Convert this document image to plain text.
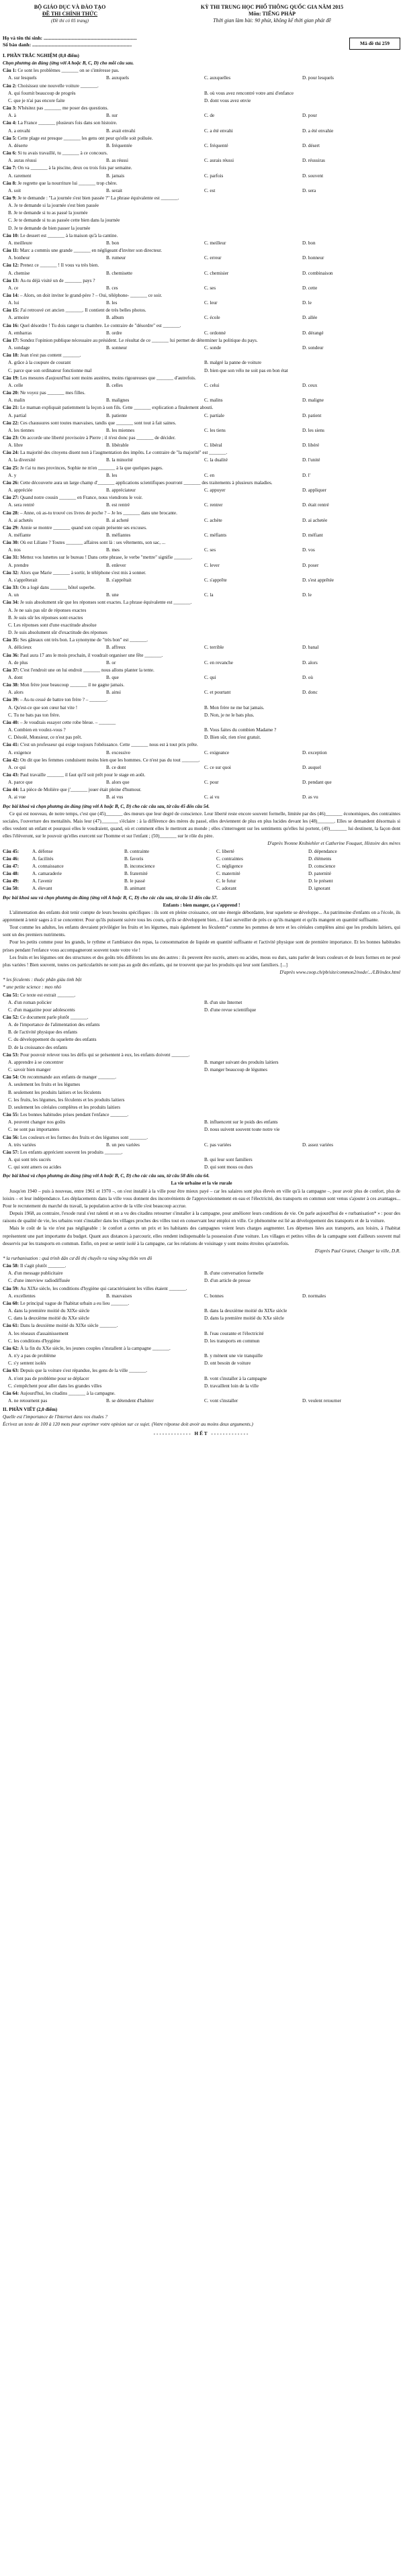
BỘ GIÁO DỤC VÀ ĐÀO TẠO
ĐỀ THI CHÍNH THỨC
(Đề thi có 05 trang)
KỲ THI TRUNG HỌC PHỔ THÔNG QUỐC GIA NĂM 2015
Môn: TIẾNG PHÁP
Thời gian làm bài: 90 phút, không kể thời gian phát đề
Họ và tên thí sinh: ..........................................................................
Số báo danh: ...............................................................................	Mã đề thi 259
I. PHẦN TRẮC NGHIỆM (8,0 điểm)
Chọn phương án đúng (ứng với A hoặc B, C, D) cho mỗi câu sau.
Câu 1: Ce sont les problèmes _______ on se s'intéresse pas.
A. sur lesquels	B. auxquels	C. auxquelles	D. pour lesquels
Câu 2: Choisissez une nouvelle voiture _______.
A. qui fournit beaucoup de progrès	B. où vous avez rencontré votre ami d'enfance
C. que je n'ai pas encore faite	D. dont vous avez envie
Câu 3: N'hésitez pas _______ me poser des questions.
A. à	B. sur	C. de	D. pour
Câu 4: La France _______ plusieurs fois dans son histoire.
A. a envahi	B. avait envahi	C. a été envahi	D. a été envahie
Câu 5: Cette plage est presque _______ les gens ont peur qu'elle soit polluée.
A. déserte	B. fréquentée	C. fréquenté	D. désert
Câu 6: Si tu avais travaillé, tu _______ à ce concours.
A. auras réussi	B. as réussi	C. aurais réussi	D. réussiras
Câu 7: On va _______ à la piscine, deux ou trois fois par semaine.
A. rarement	B. jamais	C. parfois	D. souvent
Câu 8: Je regrette que la nourriture lui _______ trop chère.
A. soit	B. serait	C. est	D. sera
Câu 9: Je te demande : "La journée s'est bien passée ?" La phrase équivalente est _______.
A. Je te demande si la journée s'est bien passée
B. Je te demande si tu as passé la journée
C. Je te demande si tu as passée cette bien dans la journée
D. Je te demande de bien passer la journée
Câu 10: Le dessert est _______ à la maison qu'à la cantine.
A. meilleure	B. bon	C. meilleur	D. bon
Câu 11: Marc a commis une grande _______ en négligeant d'inviter son directeur.
A. bonheur	B. rumeur	C. erreur	D. honneur
Câu 12: Prenez ce _______ ! Il vous va très bien.
A. chemise	B. chemisette	C. chemisier	D. combinaison
Câu 13: As-tu déjà visité un de _______ pays ?
A. ce	B. ces	C. ses	D. cette
Câu 14: – Alors, on doit inviter le grand-père ? – Oui, téléphone- _______ ce soir.
A. lui	B. les	C. leur	D. le
Câu 15: J'ai retrouvé cet ancien _______. Il contient de très belles photos.
A. armoire	B. album	C. école	D. allée
Câu 16: Quel désordre ! Tu dois ranger ta chambre. Le contraire de "désordre" est _______.
A. embarras	B. ordre	C. ordonné	D. dérangé
Câu 17: Sondez l'opinion publique nécessaire au président. Le résultat de ce _______ lui permet de déterminer la politique du pays.
A. sondage	B. sonneur	C. sonde	D. sondeur
Câu 18: Jean n'est pas content _______.
A. grâce à la coupure de courant	B. malgré la panne de voiture
C. parce que son ordinateur fonctionne mal	D. bien que son vélo ne soit pas en bon état
Câu 19: Les mesures d'aujourd'hui sont moins austères, moins rigoureuses que _______ d'autrefois.
A. celle	B. celles	C. celui	D. ceux
Câu 20: Ne voyez pas _______ mes filles.
A. malin	B. malignes	C. malins	D. maligne
Câu 21: Le maman expliquait patiemment la leçon à son fils. Cette _______ explication a finalement abouti.
A. partial	B. patiente	C. partiale	D. patient
Câu 22: Ces chaussures sont toutes mauvaises, tandis que _______ sont tout à fait saines.
A. les tiennes	B. les miennes	C. les tiens	D. les siens
Câu 23: On accorde une liberté provisoire à Pierre ; il n'est donc pas _______ de décider.
A. libre	B. libérable	C. libéral	D. libéré
Câu 24: La majorité des citoyens disent non à l'augmentation des impôts. Le contraire de "la majorité" est _______.
A. la diversité	B. la minorité	C. la dualité	D. l'unité
Câu 25: Je t'ai tu mes provinces, Sophie ne m'en _______ à la que quelques pages.
A. y	B. les	C. en	D. l'
Câu 26: Cette découverte aura un large champ d'_______ applications scientifiques pourront _______ des traitements à plusieurs maladies.
A. appréciée	B. appréciateur	C. appuyer	D. appliquer
Câu 27: Quand notre cousin _______ en France, nous viendrons le voir.
A. sera rentré	B. est rentré	C. rentrer	D. était rentré
Câu 28: – Anne, où as-tu trouvé ces livres de poche ? – Je les _______ dans une brocante.
A. ai achetés	B. ai acheté	C. achète	D. ai achetée
Câu 29: Annie se montre _______ quand son copain présente ses excuses.
A. méfiante	B. méfiantes	C. méfiants	D. méfiant
Câu 30: Où est Liliane ? Toutes _______ affaires sont là : ses vêtements, son sac, ...
A. nos	B. mes	C. ses	D. vos
Câu 31: Mettez vos lunettes sur le bureau ! Dans cette phrase, le verbe "mettre" signifie _______.
A. prendre	B. enlever	C. lever	D. poser
Câu 32: Alors que Marie _______ à sortir, le téléphone s'est mis à sonner.
A. s'apprêterait	B. s'apprêtait	C. s'apprête	D. s'est apprêtée
Câu 33: On a logé dans _______ hôtel superbe.
A. un	B. une	C. la	D. le
Câu 34: Je suis absolument sûr que les réponses sont exactes. La phrase équivalente est _______.
A. Je ne sais pas sûr de réponses exactes
B. Je suis sûr les réponses sont exactes
C. Les réponses sont d'une exactitude absolue
D. Je suis absolument sûr d'exactitude des réponses
Câu 35: Ses gâteaux ont très bon. La synonyme de "très bon" est _______.
A. délicieux	B. affreux	C. terrible	D. banal
Câu 36: Paul aura 17 ans le mois prochain, il voudrait organiser une fête _______.
A. de plus	B. or	C. en revanche	D. alors
Câu 37: C'est l'endroit une on lui endroit _______ nous allons planter la tente.
A. dont	B. que	C. qui	D. où
Câu 38: Mon frère joue beaucoup _______ il ne gagne jamais.
A. alors	B. ainsi	C. et pourtant	D. donc
Câu 39: – As-tu cessé de battre ton frère ? – _______.
A. Qu'est-ce que son cœur bat vite !	B. Mon frère ne me bat jamais.
C. Tu ne bats pas ton frère.	D. Non, je ne le bats plus.
Câu 40: – Je voudrais essayer cette robe bleue. – _______
A. Combien en voulez-vous ?	B. Vous faites du combien Madame ?
C. Désolé, Monsieur, ce n'est pas prêt.	D. Bien sûr, rien n'est gratuit.
Câu 41: C'est un professeur qui exige toujours l'obéissance. Cette _______ nous est à tout prix prête.
A. exigence	B. excessive	C. exigeance	D. exception
Câu 42: On dit que les femmes conduisent moins bien que les hommes. Ce n'est pas du tout _______.
A. ce qui	B. ce dont	C. ce sur quoi	D. auquel
Câu 43: Paul travaille _______ il faut qu'il soit prêt pour le stage en août.
A. parce que	B. alors que	C. pour	D. pendant que
Câu 44: La pièce de Molière que j'_______ jouer était pleine d'humour.
A. ai vue	B. ai vus	C. ai vu	D. as vu
Đọc bài khoá và chọn phương án đúng (ứng với A hoặc B, C, D) cho các câu sau, từ câu 45 đến câu 54.
Ce qui est nouveau, de notre temps, c'est que (45)_______ des mœurs que leur degré de conscience. Leur liberté reste encore souvent formelle, limitée par des (46)_______ économiques, des contraintes sociales, l'ouverture des mentalités. Mais leur (47)_______ s'éclaire : à la différence des mères du passé, elles deviennent de plus en plus lucides devant les (48)_______. Elles se demandent désormais si elles veulent un enfant et pourquoi elles le voudraient, quand, où et comment elles le mettront au monde ; elles s'interrogent sur les sentiments qu'elles lui portent, (49)_______ lui destinent, la façon dont elles l'élèveront, sur le pouvoir qu'elles exercent sur l'homme et sur l'enfant ; (50)_______ sur le rôle du père.
D'après Yvonne Knibiehler et Catherine Fouquet, Histoire des mères
Câu 45:	A. défense	B. contrainte	C. liberté	D. dépendance
Câu 46:	A. facilités	B. favoris	C. contraintes	D. éléments
Câu 47:	A. connaissance	B. inconscience	C. négligence	D. conscience
Câu 48:	A. camaraderie	B. fraternité	C. maternité	D. paternité
Câu 49:	A. l'avenir	B. le passé	C. le futur	D. le présent
Câu 50:	A. élevant	B. animant	C. adorant	D. ignorant
Đọc bài khoá sau và chọn phương án đúng (ứng với A hoặc B, C, D) cho các câu sau, từ câu 51 đến câu 57.
Enfants : bien manger, ça s'apprend !
L'alimentation des enfants doit tenir compte de leurs besoins spécifiques : ils sont en pleine croissance, ont une énergie débordante, leur squelette se développe... Au patrimoine d'enfants on a l'école, ils apprennent à tenir sages à il se concentrer. Pour qu'ils puissent suivre tous les cours, qu'ils se développent bien... il faut surveiller de près ce qu'ils mangent et qu'ils mangent en quantité suffisante.
Tout comme les adultes, les enfants devraient privilégier les fruits et les légumes, mais également les féculents* comme les pommes de terre et les céréales complètes ainsi que les produits laitiers, qui sont un des premiers nutriments.
Pour les petits comme pour les grands, le rythme et l'ambiance des repas, la consommation de liquide en quantité suffisante et l'activité physique sont de première importance. Et les bonnes habitudes prises pendant l'enfance vous accompagneront souvent toute votre vie !
Les fruits et les légumes ont des structures et des goûts très différents les uns des autres : ils peuvent être sucrés, amers ou acides, mous ou durs, sans parler de leurs couleurs et de leurs formes en ne pesé plus variées ! Bien souvent, toutes ces particularités ne sont pas au goût des enfants, qui ne trouvent que par les produits qui leur sont familiers. [...]
D'après www.coop.ch/pb/site/common2/node/.../LB/index.html
* les féculents : thuộc phân giàu tinh bột
* une petite science : mẹo nhỏ
Câu 51: Ce texte est extrait _______.
A. d'un roman policier	B. d'un site Internet
C. d'un magazine pour adolescents	D. d'une revue scientifique
Câu 52: Ce document parle plutôt _______.
A. de l'importance de l'alimentation des enfants
B. de l'activité physique des enfants
C. du développement du squelette des enfants
D. de la croissance des enfants
Câu 53: Pour pouvoir relever tous les défis qui se présentent à eux, les enfants doivent _______.
A. apprendre à se concentrer	B. manger suivant des produits laitiers
C. savoir bien manger	D. manger beaucoup de légumes
Câu 54: On recommande aux enfants de manger _______.
A. seulement les fruits et les légumes
B. seulement les produits laitiers et les féculents
C. les fruits, les légumes, les féculents et les produits laitiers
D. seulement les céréales complètes et les produits laitiers
Câu 55: Les bonnes habitudes prises pendant l'enfance _______.
A. peuvent changer nos goûts	B. influencent sur le poids des enfants
C. ne sont pas importantes	D. nous suivent souvent toute notre vie
Câu 56: Les couleurs et les formes des fruits et des légumes sont _______.
A. très variées	B. un peu variées	C. pas variées	D. assez variées
Câu 57: Les enfants apprécient souvent les produits _______.
A. qui sont très sucrés	B. qui leur sont familiers
C. qui sont amers ou acides	D. qui sont mous ou durs
Đọc bài khoá và chọn phương án đúng (ứng với A hoặc B, C, D) cho các câu sau, từ câu 58 đến câu 64.
La vie urbaine et la vie rurale
Jusqu'en 1940 – puis à nouveau, entre 1961 et 1970 –, on s'est installé à la ville pour être mieux payé – car les salaires sont plus élevés en ville qu'à la campagne –, pour avoir plus de confort, plus de loisirs – et leur indépendance. Les déplacements dans la ville vous donnent des inconvénients de l'approvisionnement en eau et l'électricité, des transports en commun sont venus s'ajouter à ces avantages... Pour le recrutement du marché du travail, la population active de la ville s'est beaucoup accrue.
Depuis 1968, au contraire, l'exode rural s'est ralenti et on a vu des citadins retourner s'installer à la campagne, pour améliorer leurs conditions de vie. On parle aujourd'hui de « rurbanisation* » : pour des raisons de qualité de vie, les urbains vont s'installer dans les villages proches des villes tout en conservant leur emploi en ville. Ce phénomène est lié au développement des transports et de la voiture.
Mais le coût de la vie n'est pas négligeable : le confort a certes un prix et les habitants des campagnes voient leurs charges augmenter. Les dépenses liées aux transports, aux loisirs, à l'habitat représentent une part importante du budget. Quant aux distances à parcourir, elles rendent indispensable la possession d'une voiture. Les villages et petites villes de la campagne sont d'ailleurs souvent mal desservis par les transports en commun. Enfin, on peut se sentir isolé à la campagne, car les relations de voisinage y sont moins étroites qu'autrefois.
D'après Paul Granet, Changer la ville, D.R.
* la rurbanisation : quá trình dân cư đô thị chuyển ra vùng nông thôn ven đô
Câu 58: Il s'agit plutôt _______.
A. d'un message publicitaire	B. d'une conversation formelle
C. d'une interview radiodiffusée	D. d'un article de presse
Câu 59: Au XIXe siècle, les conditions d'hygiène qui caractérisaient les villes étaient _______.
A. excellentes	B. mauvaises	C. bonnes	D. normales
Câu 60: Le principal vague de l'habitat urbain a eu lieu _______.
A. dans la première moitié du XIXe siècle	B. dans la deuxième moitié du XIXe siècle
C. dans la deuxième moitié du XXe siècle	D. dans la première moitié du XXe siècle
Câu 61: Dans la deuxième moitié du XIXe siècle _______.
A. les réseaux d'assainissement	B. l'eau courante et l'électricité
C. les conditions d'hygiène	D. les transports en commun
Câu 62: À la fin du XXe siècle, les jeunes couples s'installent à la campagne _______.
A. n'y a pas de problème	B. y mènent une vie tranquille
C. s'y sentent isolés	D. ont besoin de voiture
Câu 63: Depuis que la voiture s'est répandue, les gens de la ville _______.
A. n'ont pas de problème pour se déplacer	B. vont s'installer à la campagne
C. s'empêchent pour aller dans les grandes villes	D. travaillent loin de la ville
Câu 64: Aujourd'hui, les citadins _______ à la campagne.
A. ne retournent pas	B. se détendent d'habiter	C. vont s'installer	D. veulent retourner
II. PHẦN VIẾT (2,0 điểm)
Quelle est l'importance de l'Internet dans vos études ?
Écrivez un texte de 100 à 120 mots pour exprimer votre opinion sur ce sujet. (Votre réponse doit avoir au moins deux arguments.)
------------- HẾT -------------
